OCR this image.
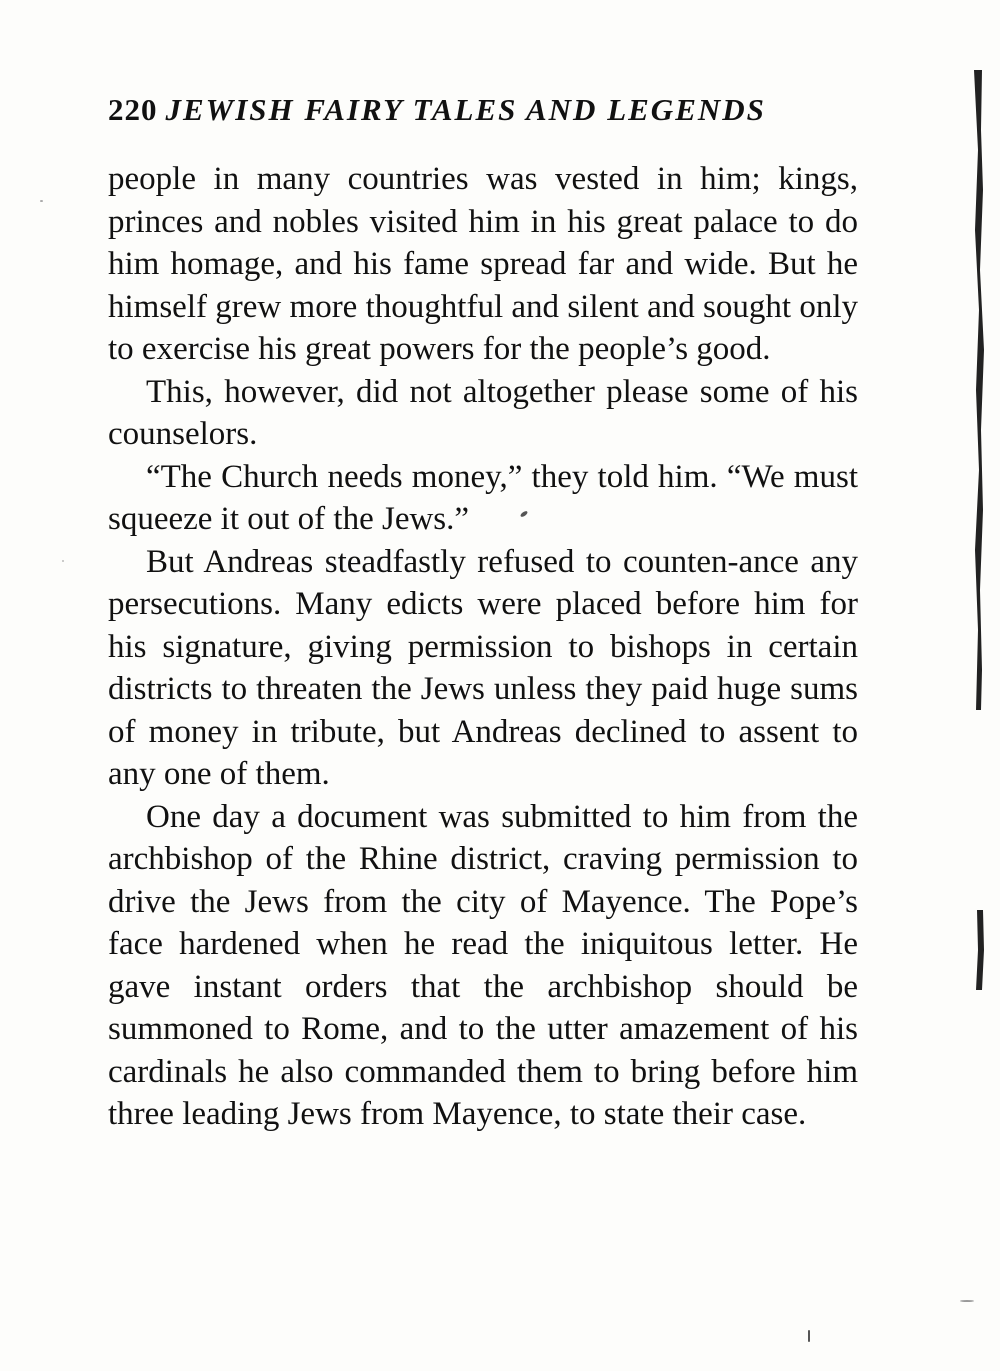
220 JEWISH FAIRY TALES AND LEGENDS

people in many countries was vested in him; kings, princes and nobles visited him in his great palace to do him homage, and his fame spread far and wide. But he himself grew more thoughtful and silent and sought only to exercise his great powers for the people’s good.

This, however, did not altogether please some of his counselors.

“The Church needs money,” they told him. “We must squeeze it out of the Jews.”

But Andreas steadfastly refused to counten-ance any persecutions. Many edicts were placed before him for his signature, giving permission to bishops in certain districts to threaten the Jews unless they paid huge sums of money in tribute, but Andreas declined to assent to any one of them.

One day a document was submitted to him from the archbishop of the Rhine district, craving permission to drive the Jews from the city of Mayence. The Pope’s face hardened when he read the iniquitous letter. He gave instant orders that the archbishop should be summoned to Rome, and to the utter amazement of his cardinals he also commanded them to bring before him three leading Jews from Mayence, to state their case.
